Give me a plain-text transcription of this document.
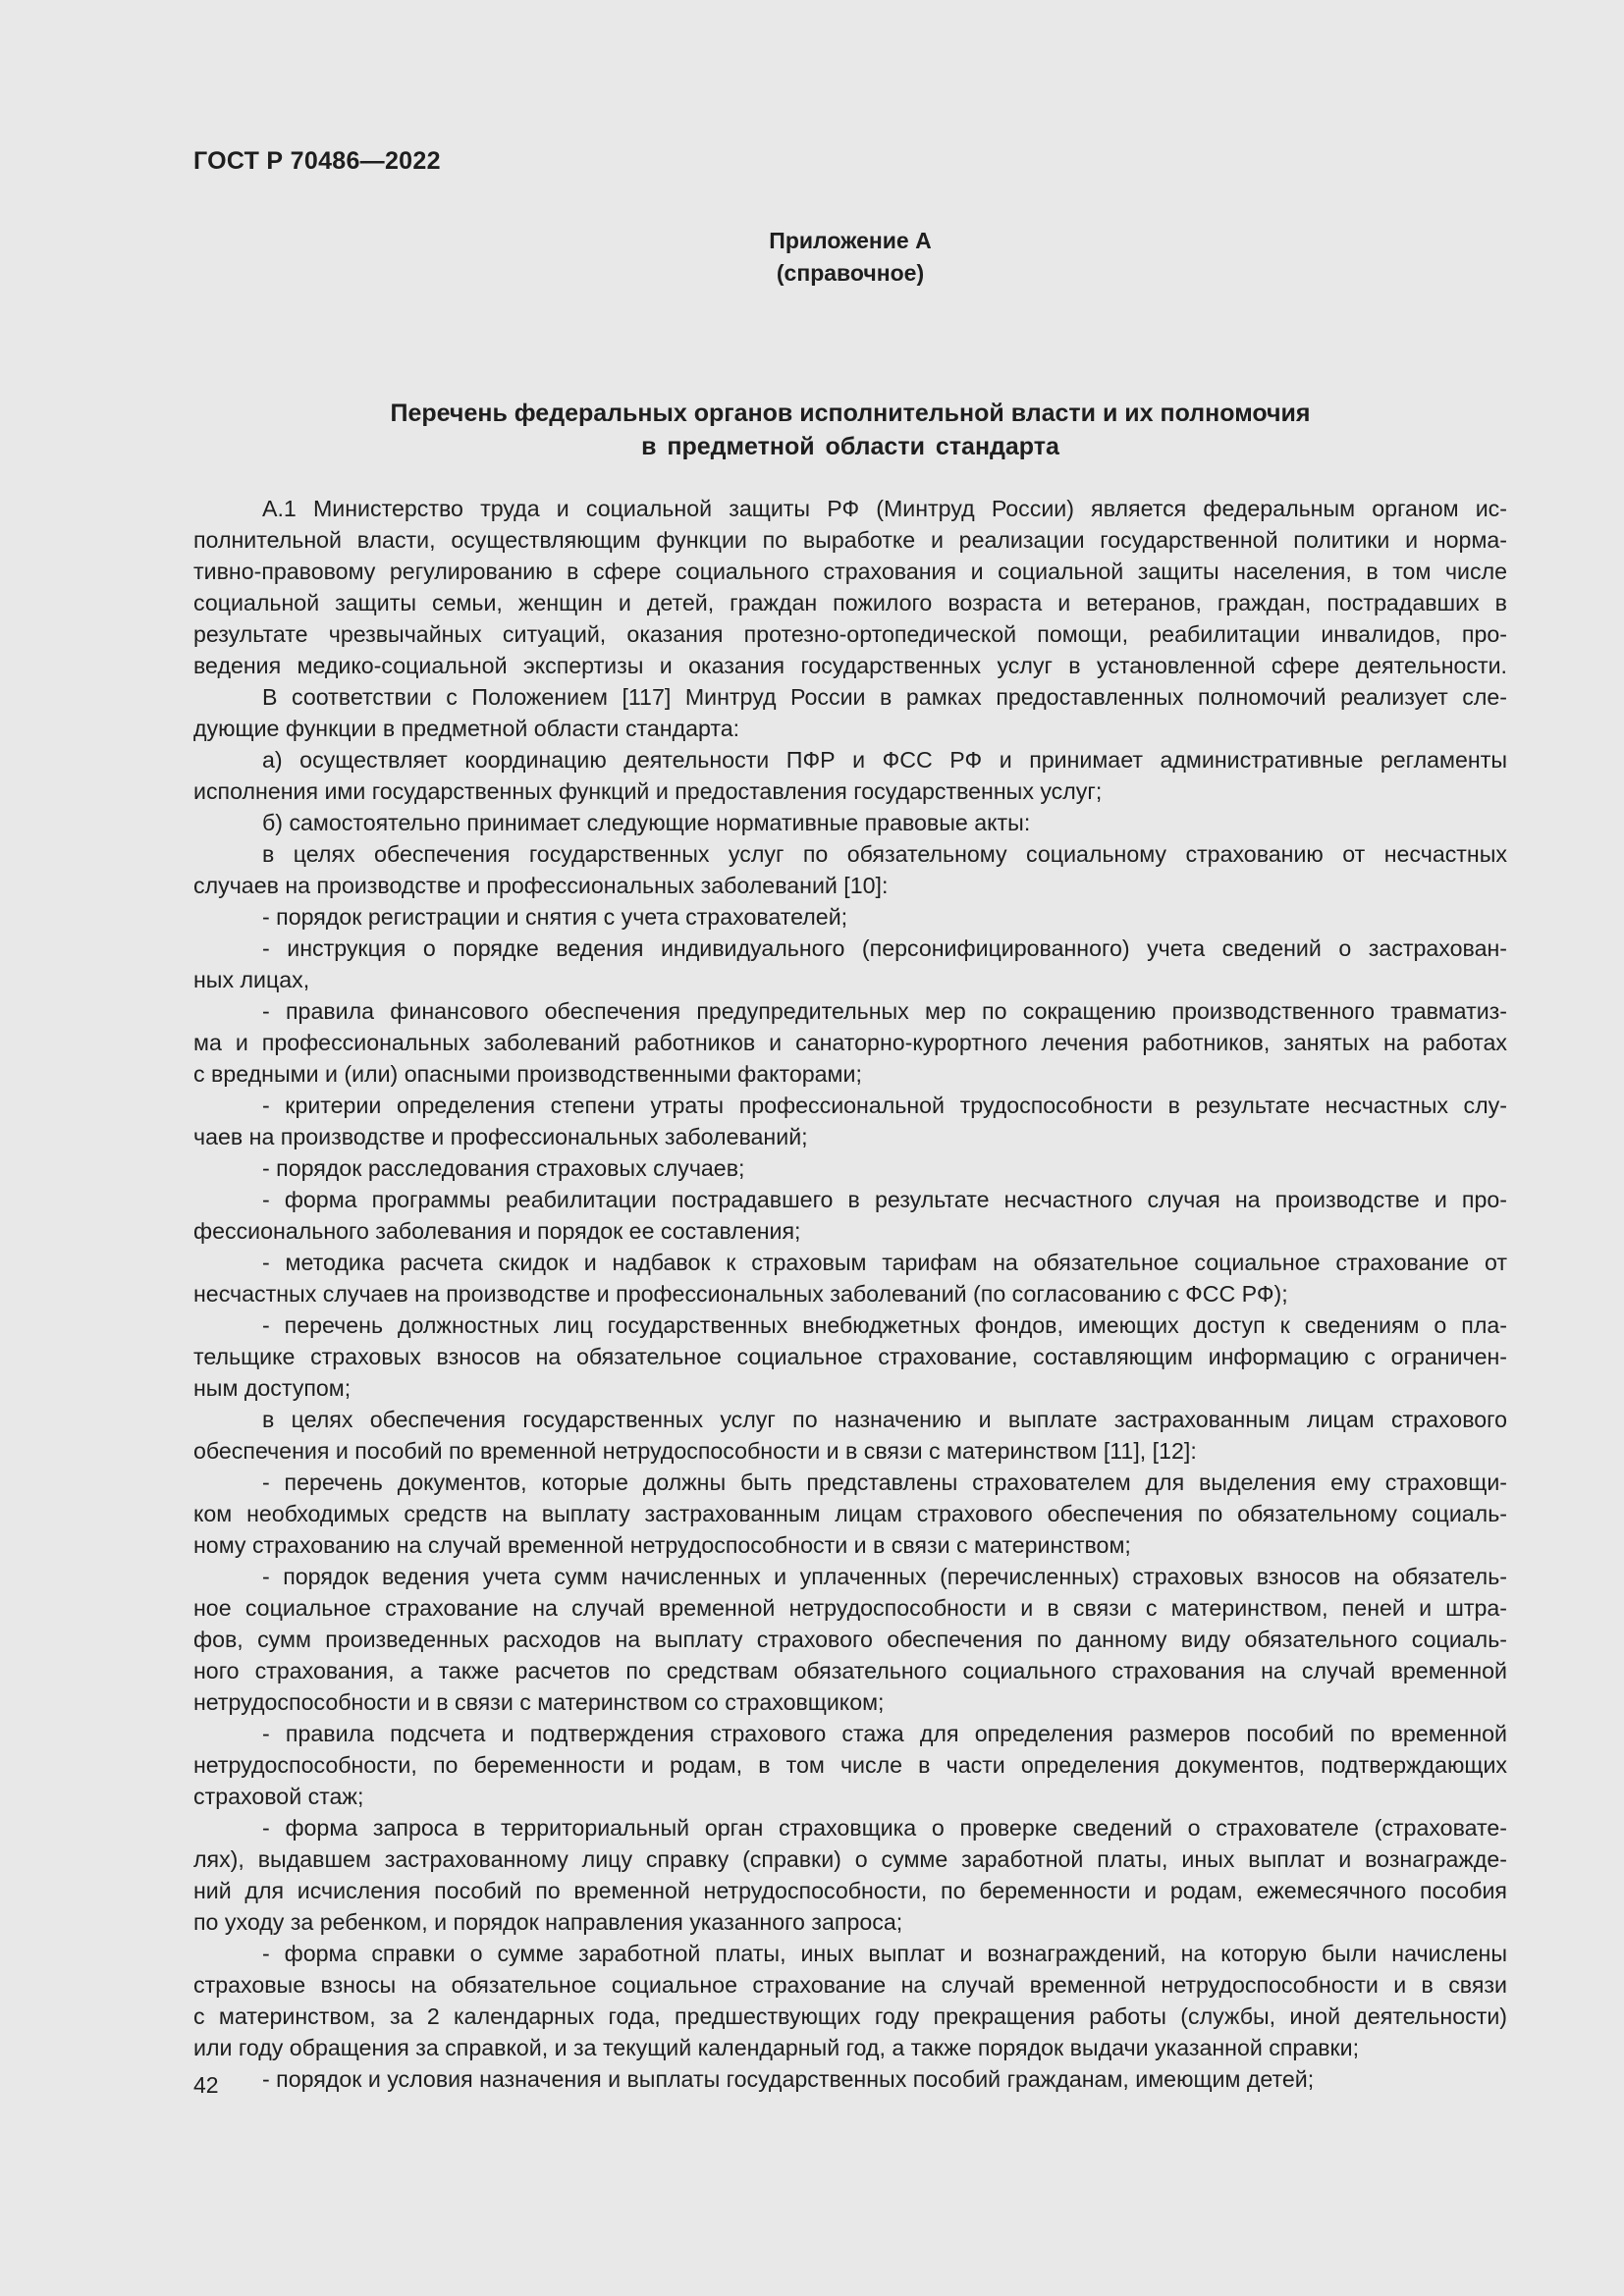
ГОСТ Р 70486—2022
Приложение А
(справочное)
Перечень федеральных органов исполнительной власти и их полномочия
в предметной области стандарта
А.1 Министерство труда и социальной защиты РФ (Минтруд России) является федеральным органом ис-
полнительной власти, осуществляющим функции по выработке и реализации государственной политики и норма-
тивно-правовому регулированию в сфере социального страхования и социальной защиты населения, в том числе
социальной защиты семьи, женщин и детей, граждан пожилого возраста и ветеранов, граждан, пострадавших в
результате чрезвычайных ситуаций, оказания протезно-ортопедической помощи, реабилитации инвалидов, про-
ведения медико-социальной экспертизы и оказания государственных услуг в установленной сфере деятельности.
В соответствии с Положением [117] Минтруд России в рамках предоставленных полномочий реализует сле-
дующие функции в предметной области стандарта:
а) осуществляет координацию деятельности ПФР и ФСС РФ и принимает административные регламенты
исполнения ими государственных функций и предоставления государственных услуг;
б) самостоятельно принимает следующие нормативные правовые акты:
в целях обеспечения государственных услуг по обязательному социальному страхованию от несчастных
случаев на производстве и профессиональных заболеваний [10]:
- порядок регистрации и снятия с учета страхователей;
- инструкция о порядке ведения индивидуального (персонифицированного) учета сведений о застрахован-
ных лицах,
- правила финансового обеспечения предупредительных мер по сокращению производственного травматиз-
ма и профессиональных заболеваний работников и санаторно-курортного лечения работников, занятых на работах
с вредными и (или) опасными производственными факторами;
- критерии определения степени утраты профессиональной трудоспособности в результате несчастных слу-
чаев на производстве и профессиональных заболеваний;
- порядок расследования страховых случаев;
- форма программы реабилитации пострадавшего в результате несчастного случая на производстве и про-
фессионального заболевания и порядок ее составления;
- методика расчета скидок и надбавок к страховым тарифам на обязательное социальное страхование от
несчастных случаев на производстве и профессиональных заболеваний (по согласованию с ФСС РФ);
- перечень должностных лиц государственных внебюджетных фондов, имеющих доступ к сведениям о пла-
тельщике страховых взносов на обязательное социальное страхование, составляющим информацию с ограничен-
ным доступом;
в целях обеспечения государственных услуг по назначению и выплате застрахованным лицам страхового
обеспечения и пособий по временной нетрудоспособности и в связи с материнством [11], [12]:
- перечень документов, которые должны быть представлены страхователем для выделения ему страховщи-
ком необходимых средств на выплату застрахованным лицам страхового обеспечения по обязательному социаль-
ному страхованию на случай временной нетрудоспособности и в связи с материнством;
- порядок ведения учета сумм начисленных и уплаченных (перечисленных) страховых взносов на обязатель-
ное социальное страхование на случай временной нетрудоспособности и в связи с материнством, пеней и штра-
фов, сумм произведенных расходов на выплату страхового обеспечения по данному виду обязательного социаль-
ного страхования, а также расчетов по средствам обязательного социального страхования на случай временной
нетрудоспособности и в связи с материнством со страховщиком;
- правила подсчета и подтверждения страхового стажа для определения размеров пособий по временной
нетрудоспособности, по беременности и родам, в том числе в части определения документов, подтверждающих
страховой стаж;
- форма запроса в территориальный орган страховщика о проверке сведений о страхователе (страховате-
лях), выдавшем застрахованному лицу справку (справки) о сумме заработной платы, иных выплат и вознагражде-
ний для исчисления пособий по временной нетрудоспособности, по беременности и родам, ежемесячного пособия
по уходу за ребенком, и порядок направления указанного запроса;
- форма справки о сумме заработной платы, иных выплат и вознаграждений, на которую были начислены
страховые взносы на обязательное социальное страхование на случай временной нетрудоспособности и в связи
с материнством, за 2 календарных года, предшествующих году прекращения работы (службы, иной деятельности)
или году обращения за справкой, и за текущий календарный год, а также порядок выдачи указанной справки;
- порядок и условия назначения и выплаты государственных пособий гражданам, имеющим детей;
42
